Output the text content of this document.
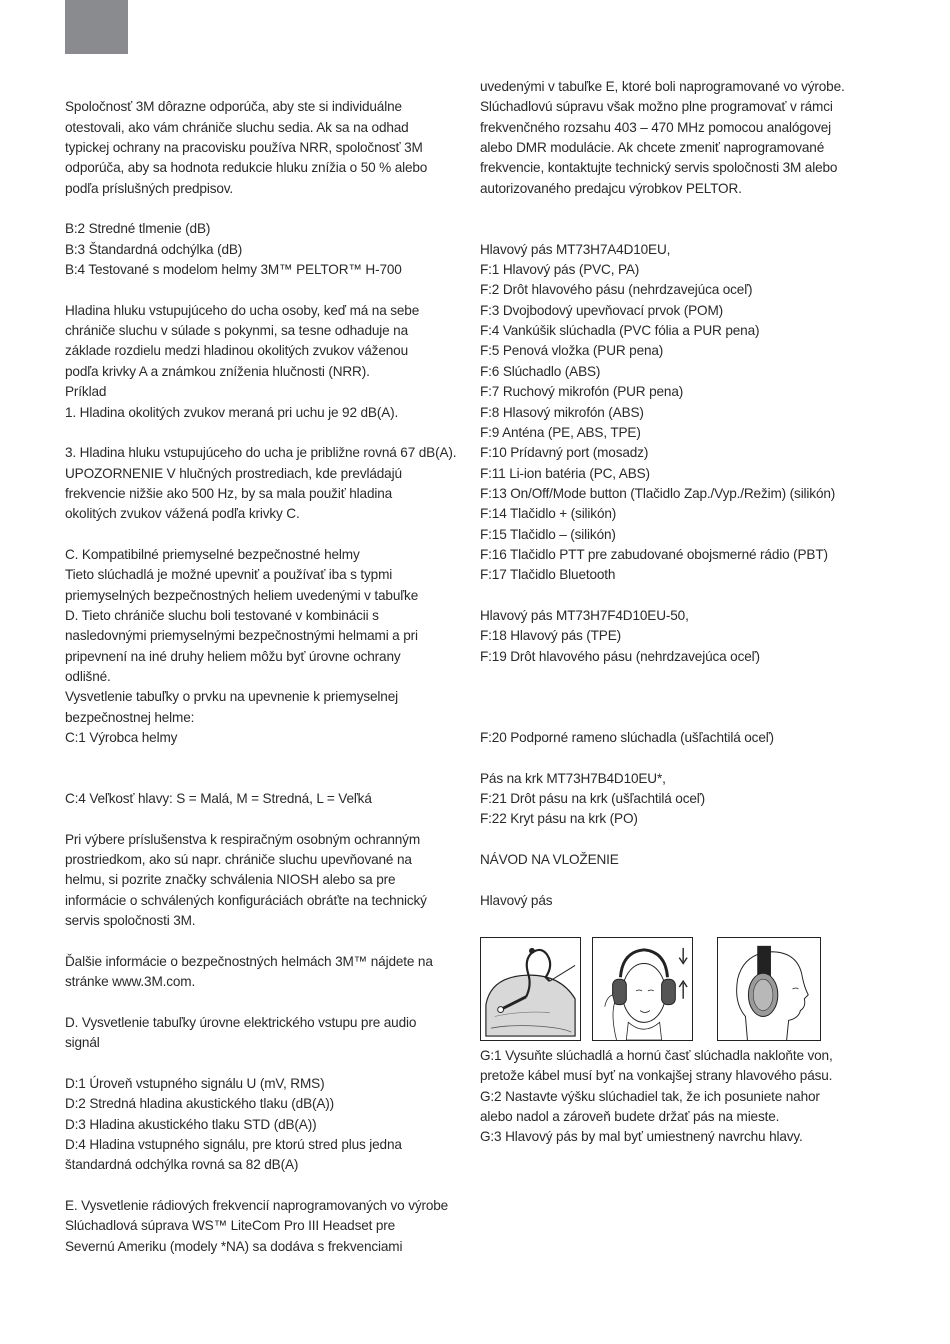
Spoločnosť 3M dôrazne odporúča, aby ste si individuálne
otestovali, ako vám chrániče sluchu sedia. Ak sa na odhad
typickej ochrany na pracovisku používa NRR, spoločnosť 3M
odporúča, aby sa hodnota redukcie hluku znížia o 50 % alebo
podľa príslušných predpisov.

B:2 Stredné tlmenie (dB)
B:3 Štandardná odchýlka (dB)
B:4 Testované s modelom helmy 3M™ PELTOR™ H-700

Hladina hluku vstupujúceho do ucha osoby, keď má na sebe
chrániče sluchu v súlade s pokynmi, sa tesne odhaduje na
základe rozdielu medzi hladinou okolitých zvukov váženou
podľa krivky A a známkou zníženia hlučnosti (NRR).
Príklad
1. Hladina okolitých zvukov meraná pri uchu je 92 dB(A).

3. Hladina hluku vstupujúceho do ucha je približne rovná 67 dB(A).
UPOZORNENIE V hlučných prostrediach, kde prevládajú
frekvencie nižšie ako 500 Hz, by sa mala použiť hladina
okolitých zvukov vážená podľa krivky C.

C. Kompatibilné priemyselné bezpečnostné helmy
Tieto slúchadlá je možné upevniť a používať iba s typmi
priemyselných bezpečnostných heliem uvedenými v tabuľke
D. Tieto chrániče sluchu boli testované v kombinácii s
nasledovnými priemyselnými bezpečnostnými helmami a pri
pripevnení na iné druhy heliem môžu byť úrovne ochrany
odlišné.
Vysvetlenie tabuľky o prvku na upevnenie k priemyselnej
bezpečnostnej helme:
C:1 Výrobca helmy

C:4 Veľkosť hlavy: S = Malá, M = Stredná, L = Veľká

Pri výbere príslušenstva k respiračným osobným ochranným
prostriedkom, ako sú napr. chrániče sluchu upevňované na
helmu, si pozrite značky schválenia NIOSH alebo sa pre
informácie o schválených konfiguráciách obráťte na technický
servis spoločnosti 3M.

Ďalšie informácie o bezpečnostných helmách 3M™ nájdete na
stránke www.3M.com.

D. Vysvetlenie tabuľky úrovne elektrického vstupu pre audio
signál

D:1 Úroveň vstupného signálu U (mV, RMS)
D:2 Stredná hladina akustického tlaku (dB(A))
D:3 Hladina akustického tlaku STD (dB(A))
D:4 Hladina vstupného signálu, pre ktorú stred plus jedna
štandardná odchýlka rovná sa 82 dB(A)

E. Vysvetlenie rádiových frekvencií naprogramovaných vo výrobe
Slúchadlová súprava WS™ LiteCom Pro III Headset pre
Severnú Ameriku (modely *NA) sa dodáva s frekvenciami
uvedenými v tabuľke E, ktoré boli naprogramované vo výrobe.
Slúchadlovú súpravu však možno plne programovať v rámci
frekvenčného rozsahu 403 – 470 MHz pomocou analógovej
alebo DMR modulácie. Ak chcete zmeniť naprogramované
frekvencie, kontaktujte technický servis spoločnosti 3M alebo
autorizovaného predajcu výrobkov PELTOR.

Hlavový pás MT73H7A4D10EU,
F:1 Hlavový pás (PVC, PA)
F:2 Drôt hlavového pásu (nehrdzavejúca oceľ)
F:3 Dvojbodový upevňovací prvok (POM)
F:4 Vankúšik slúchadla (PVC fólia a PUR pena)
F:5 Penová vložka (PUR pena)
F:6 Slúchadlo (ABS)
F:7 Ruchový mikrofón (PUR pena)
F:8 Hlasový mikrofón (ABS)
F:9 Anténa (PE, ABS, TPE)
F:10 Prídavný port (mosadz)
F:11 Li-ion batéria (PC, ABS)
F:13 On/Off/Mode button (Tlačidlo Zap./Vyp./Režim) (silikón)
F:14 Tlačidlo + (silikón)
F:15 Tlačidlo – (silikón)
F:16 Tlačidlo PTT pre zabudované obojsmerné rádio (PBT)
F:17 Tlačidlo Bluetooth

Hlavový pás MT73H7F4D10EU-50,
F:18 Hlavový pás (TPE)
F:19 Drôt hlavového pásu (nehrdzavejúca oceľ)

F:20 Podporné rameno slúchadla (ušľachtilá oceľ)

Pás na krk MT73H7B4D10EU*,
F:21 Drôt pásu na krk (ušľachtilá oceľ)
F:22 Kryt pásu na krk (PO)

NÁVOD NA VLOŽENIE

Hlavový pás
G:1 Vysuňte slúchadlá a hornú časť slúchadla nakloňte von,
pretože kábel musí byť na vonkajšej strany hlavového pásu.
G:2 Nastavte výšku slúchadiel tak, že ich posuniete nahor
alebo nadol a zároveň budete držať pás na mieste.
G:3 Hlavový pás by mal byť umiestnený navrchu hlavy.
